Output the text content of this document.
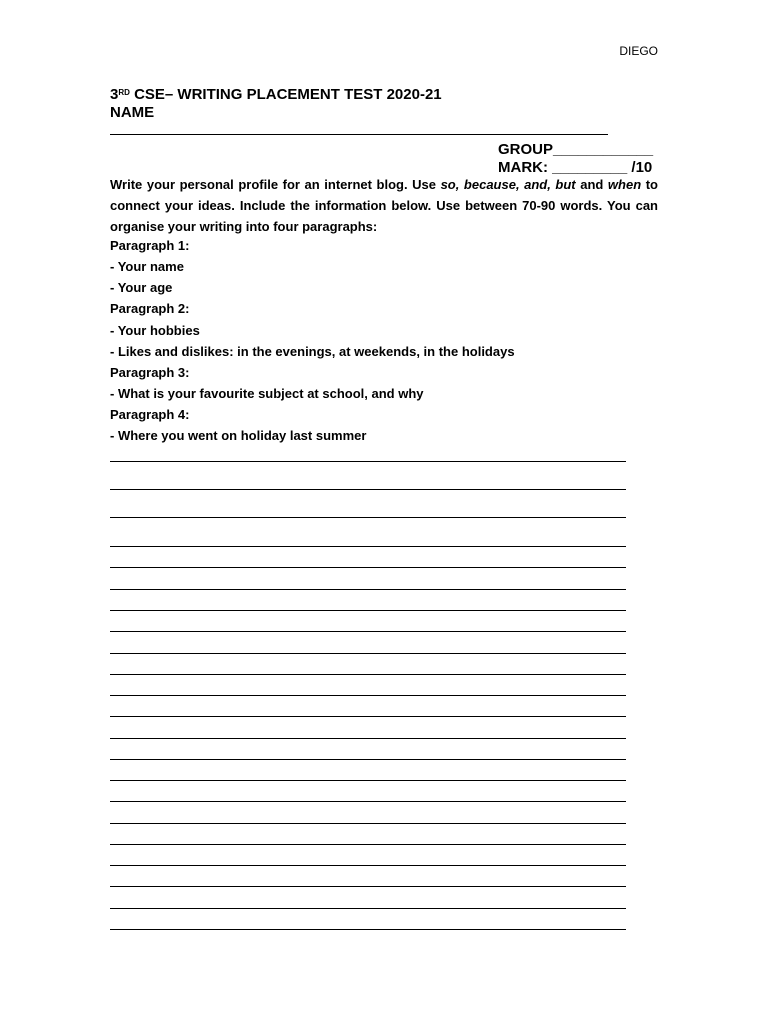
DIEGO
3RD CSE– WRITING PLACEMENT TEST 2020-21
NAME
GROUP____________
MARK: _________ /10
Write your personal profile for an internet blog. Use so, because, and, but and when to connect your ideas. Include the information below. Use between 70-90 words. You can organise your writing into four paragraphs:
Paragraph 1:
- Your name
- Your age
Paragraph 2:
- Your hobbies
- Likes and dislikes: in the evenings, at weekends, in the holidays
Paragraph 3:
- What is your favourite subject at school, and why
Paragraph 4:
- Where you went on holiday last summer
